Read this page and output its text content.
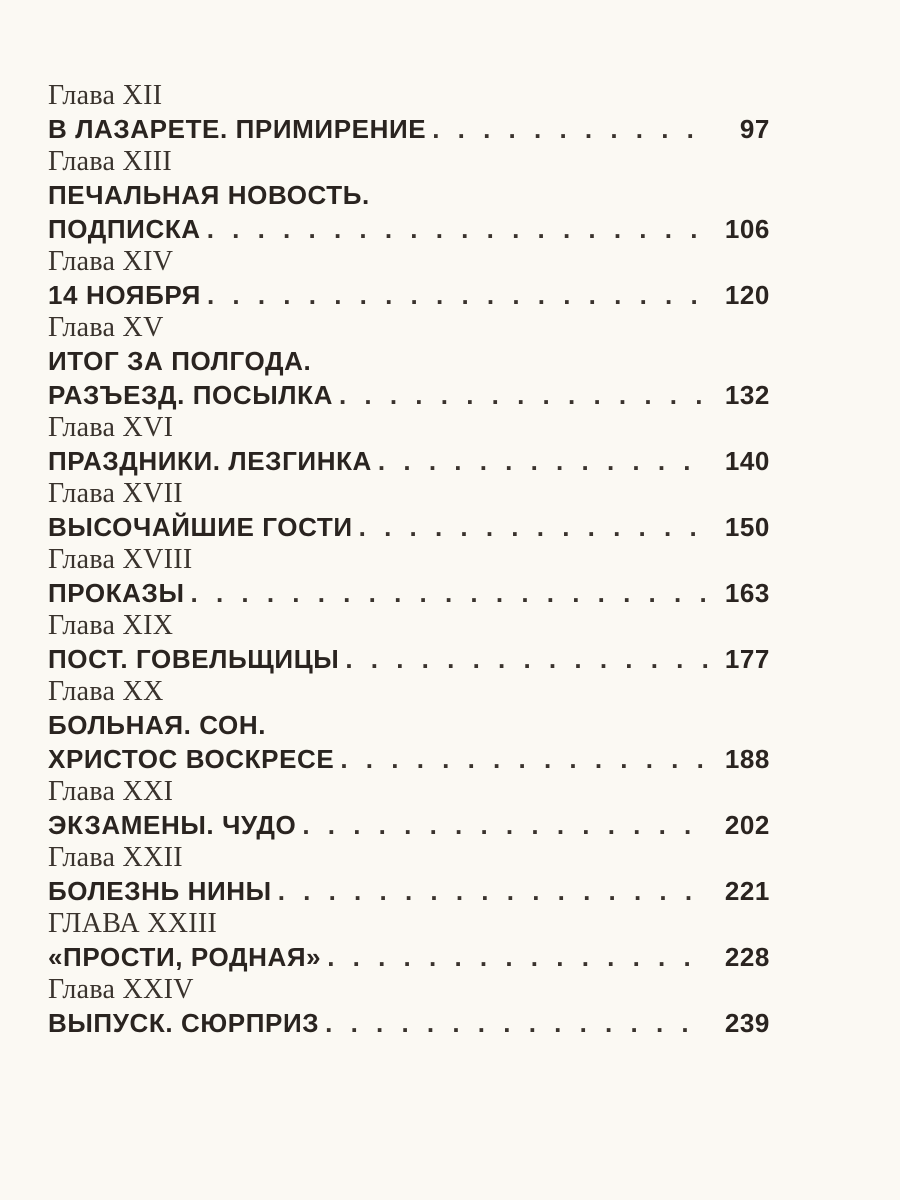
Глава XII
В ЛАЗАРЕТЕ. ПРИМИРЕНИЕ . . .	97
Глава XIII
ПЕЧАЛЬНАЯ НОВОСТЬ.
ПОДПИСКА . . .	106
Глава XIV
14 НОЯБРЯ . . .	120
Глава XV
ИТОГ ЗА ПОЛГОДА.
РАЗЪЕЗД. ПОСЫЛКА . . .	132
Глава XVI
ПРАЗДНИКИ. ЛЕЗГИНКА . . .	140
Глава XVII
ВЫСОЧАЙШИЕ ГОСТИ . . .	150
Глава XVIII
ПРОКАЗЫ . . .	163
Глава XIX
ПОСТ. ГОВЕЛЬЩИЦЫ . . .	177
Глава XX
БОЛЬНАЯ. СОН.
ХРИСТОС ВОСКРЕСЕ . . .	188
Глава XXI
ЭКЗАМЕНЫ. ЧУДО . . .	202
Глава XXII
БОЛЕЗНЬ НИНЫ . . .	221
ГЛАВА XXIII
«ПРОСТИ, РОДНАЯ» . . .	228
Глава XXIV
ВЫПУСК. СЮРПРИЗ . . .	239
